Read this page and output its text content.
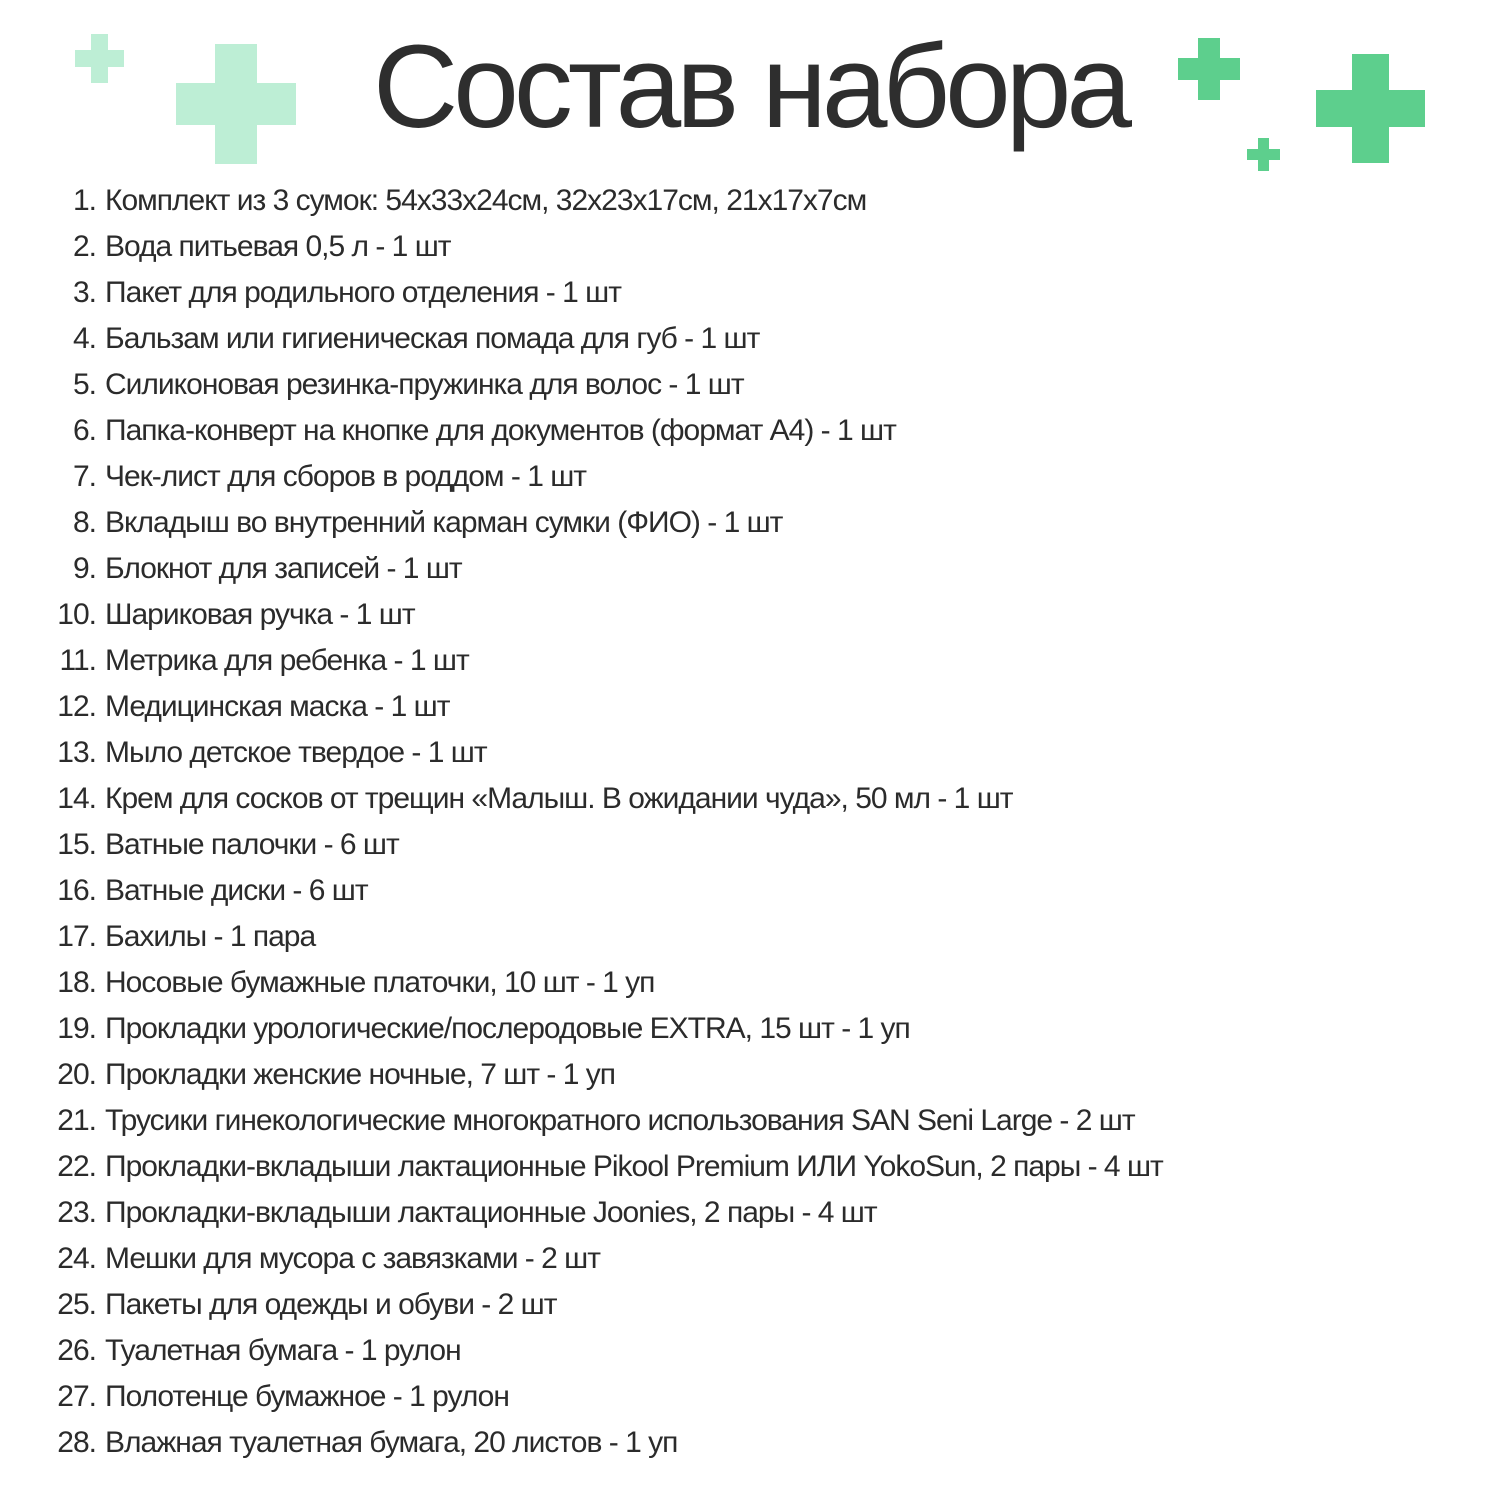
Состав набора
1. Комплект из 3 сумок: 54x33x24см, 32x23x17см, 21x17x7см
2. Вода питьевая 0,5 л - 1 шт
3. Пакет для родильного отделения - 1 шт
4. Бальзам или гигиеническая помада для губ - 1 шт
5. Силиконовая резинка-пружинка для волос - 1 шт
6. Папка-конверт на кнопке для документов (формат А4) - 1 шт
7. Чек-лист для сборов в роддом - 1 шт
8. Вкладыш во внутренний карман сумки (ФИО) - 1 шт
9. Блокнот для записей - 1 шт
10. Шариковая ручка - 1 шт
11. Метрика для ребенка - 1 шт
12. Медицинская маска - 1 шт
13. Мыло детское твердое - 1 шт
14. Крем для сосков от трещин «Малыш. В ожидании чуда», 50 мл - 1 шт
15. Ватные палочки - 6 шт
16. Ватные диски - 6 шт
17. Бахилы - 1 пара
18. Носовые бумажные платочки, 10 шт - 1 уп
19. Прокладки урологические/послеродовые EXTRA, 15 шт - 1 уп
20. Прокладки женские ночные, 7 шт - 1 уп
21. Трусики гинекологические многократного использования SAN Seni Large - 2 шт
22. Прокладки-вкладыши лактационные Pikool Premium ИЛИ YokoSun, 2 пары - 4 шт
23. Прокладки-вкладыши лактационные Joonies, 2 пары - 4 шт
24. Мешки для мусора с завязками - 2 шт
25. Пакеты для одежды и обуви - 2 шт
26. Туалетная бумага - 1 рулон
27. Полотенце бумажное - 1 рулон
28. Влажная туалетная бумага, 20 листов - 1 уп
